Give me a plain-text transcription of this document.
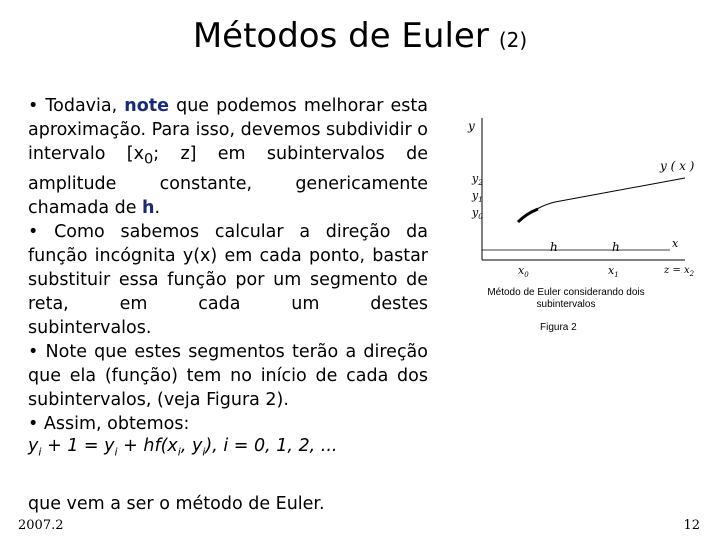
Métodos de Euler (2)

• Todavia, note que podemos melhorar esta aproximação. Para isso, devemos subdividir o intervalo [$x_0$; z] em subintervalos de amplitude constante, genericamente

chamada de h.

• Como sabemos calcular a direção da função incógnita y(x) em cada ponto, bastar substituir essa função por um segmento de reta, em cada um destes

subintervalos.

• Note que estes segmentos terão a direção que ela (função) tem no início de cada dos

subintervalos, (veja Figura 2).

• Assim, obtemos:

$y_i + 1 = y_i + hf(x_i$, $y_i$), i = 0, 1, 2, ...
que vem a ser o método de Euler.
2007.2	12
y
y ( x )
$y_2$
$y_1$
$y_0$
h	h	x
$x_0$	$x_1$	$z = x_2$
Método de Euler considerando dois subintervalos
Figura 2
